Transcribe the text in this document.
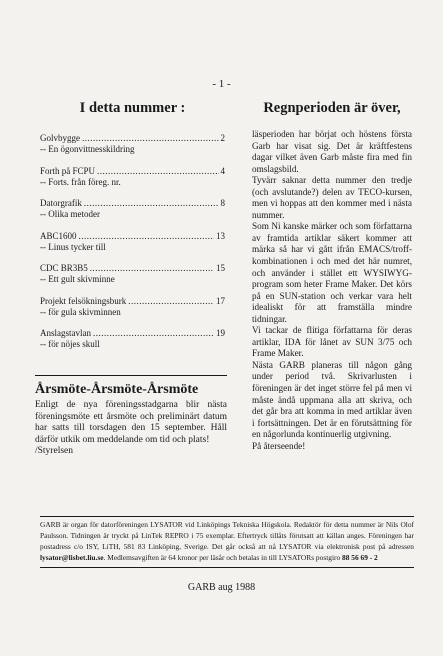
- 1 -
I detta nummer :
Golvbygge .....	2
-- En ögonvittnesskildring
Forth på FCPU .....	4
-- Forts. från föreg. nr.
Datorgrafik .....	8
-- Olika metoder
ABC1600 .....	13
-- Linus tycker till
CDC BR3B5 .....	15
-- Ett gult skivminne
Projekt felsökningsburk .....	17
-- för gula skivminnen
Anslagstavlan .....	19
-- för nöjes skull
Årsmöte-Årsmöte-Årsmöte
Enligt de nya föreningsstadgarna blir nästa föreningsmöte ett årsmöte och preliminärt datum har satts till torsdagen den 15 september. Håll därför utkik om meddelande om tid och plats!
/Styrelsen
Regnperioden är över,

läsperioden har börjat och höstens första Garb har visat sig. Det är kräftfestens dagar vilket även Garb måste fira med fin omslagsbild.

Tyvärr saknar detta nummer den tredje (och avslutande?) delen av TECO-kursen, men vi hoppas att den kommer med i nästa nummer.

Som Ni kanske märker och som författarna av framtida artiklar säkert kommer att märka så har vi gått ifrån EMACS/troff-kombinationen i och med det här numret, och använder i stället ett WYSIWYG-program som heter Frame Maker. Det körs på en SUN-station och verkar vara helt idealiskt för att framställa mindre tidningar.

Vi tackar de flitiga författarna för deras artiklar, IDA för lånet av SUN 3/75 och Frame Maker.

Nästa GARB planeras till någon gång under period två. Skrivarlusten i föreningen är det inget större fel på men vi måste ändå uppmana alla att skriva, och det går bra att komma in med artiklar även i fortsättningen. Det är en förutsättning för en någorlunda kontinuerlig utgivning.

På återseende!

GARB är organ för datorföreningen LYSATOR vid Linköpings Tekniska Högskola. Redaktör för detta nummer är Nils Olof Paulsson. Tidningen är tryckt på LinTek REPRO i 75 exemplar. Eftertryck tillåts förutsatt att källan anges. Föreningen har postadress c/o ISY, LiTH, 581 83 Linköping, Sverige. Det går också att nå LYSATOR via elektronisk post på adressen lysator@lisbet.liu.se. Medlemsavgiften är 64 kronor per läsår och betalas in till LYSATORs postgiro 88 56 69 - 2
GARB aug 1988
